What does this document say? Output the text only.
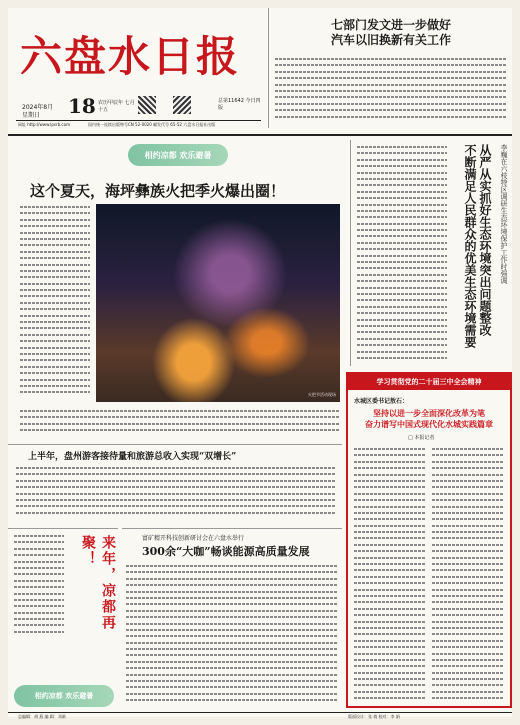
六盘水日报
2024年8月 18
星期日
农历甲辰年 七月十五
总第11642 今日四版
网址 http://www.lpsrb.com	国内统一连续出版物号CN 52-0020 邮发代号 65-52 六盘水日报社出版
七部门发文进一步做好
汽车以旧换新有关工作
相约凉都 欢乐避暑
这个夏天，海坪彝族火把季火爆出圈！
火把节活动现场
李巍在六枝特区调研生态环境保护工作时强调
从严从实抓好生态环境突出问题整改
不断满足人民群众的优美生态环境需要
学习贯彻党的二十届三中全会精神
水城区委书记敖石：
坚持以进一步全面深化改革为笔
奋力谱写中国式现代化水城实践篇章
□ 本报记者
上半年，盘州游客接待量和旅游总收入实现“双增长”
来年，凉都再聚！
相约凉都 欢乐避暑
富矿精开科技创新研讨会在六盘水举行
300余“大咖”畅谈能源高质量发展
总编辑：胡 燕 编 辑：邓新	版面设计：张 倩 校对：李 娟
